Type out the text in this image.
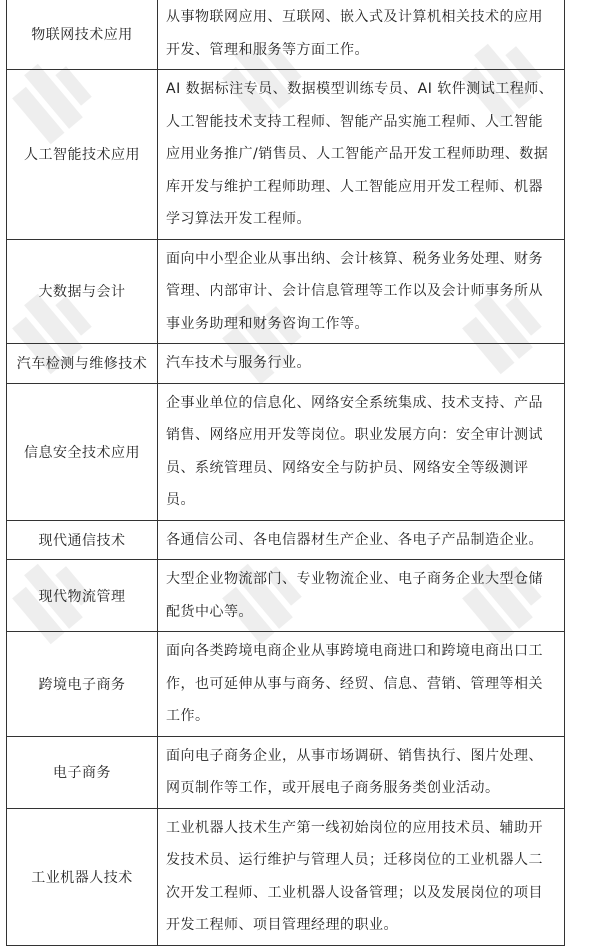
物联网技术应用	从事物联网应用、互联网、嵌入式及计算机相关技术的应用开发、管理和服务等方面工作。
人工智能技术应用	AI 数据标注专员、数据模型训练专员、AI 软件测试工程师、人工智能技术支持工程师、智能产品实施工程师、人工智能应用业务推广/销售员、人工智能产品开发工程师助理、数据库开发与维护工程师助理、人工智能应用开发工程师、机器学习算法开发工程师。
大数据与会计	面向中小型企业从事出纳、会计核算、税务业务处理、财务管理、内部审计、会计信息管理等工作以及会计师事务所从事业务助理和财务咨询工作等。
汽车检测与维修技术	汽车技术与服务行业。
信息安全技术应用	企事业单位的信息化、网络安全系统集成、技术支持、产品销售、网络应用开发等岗位。职业发展方向：安全审计测试员、系统管理员、网络安全与防护员、网络安全等级测评员。
现代通信技术	各通信公司、各电信器材生产企业、各电子产品制造企业。
现代物流管理	大型企业物流部门、专业物流企业、电子商务企业大型仓储配货中心等。
跨境电子商务	面向各类跨境电商企业从事跨境电商进口和跨境电商出口工作，也可延伸从事与商务、经贸、信息、营销、管理等相关工作。
电子商务	面向电子商务企业，从事市场调研、销售执行、图片处理、网页制作等工作，或开展电子商务服务类创业活动。
工业机器人技术	工业机器人技术生产第一线初始岗位的应用技术员、辅助开发技术员、运行维护与管理人员；迁移岗位的工业机器人二次开发工程师、工业机器人设备管理；以及发展岗位的项目开发工程师、项目管理经理的职业。
